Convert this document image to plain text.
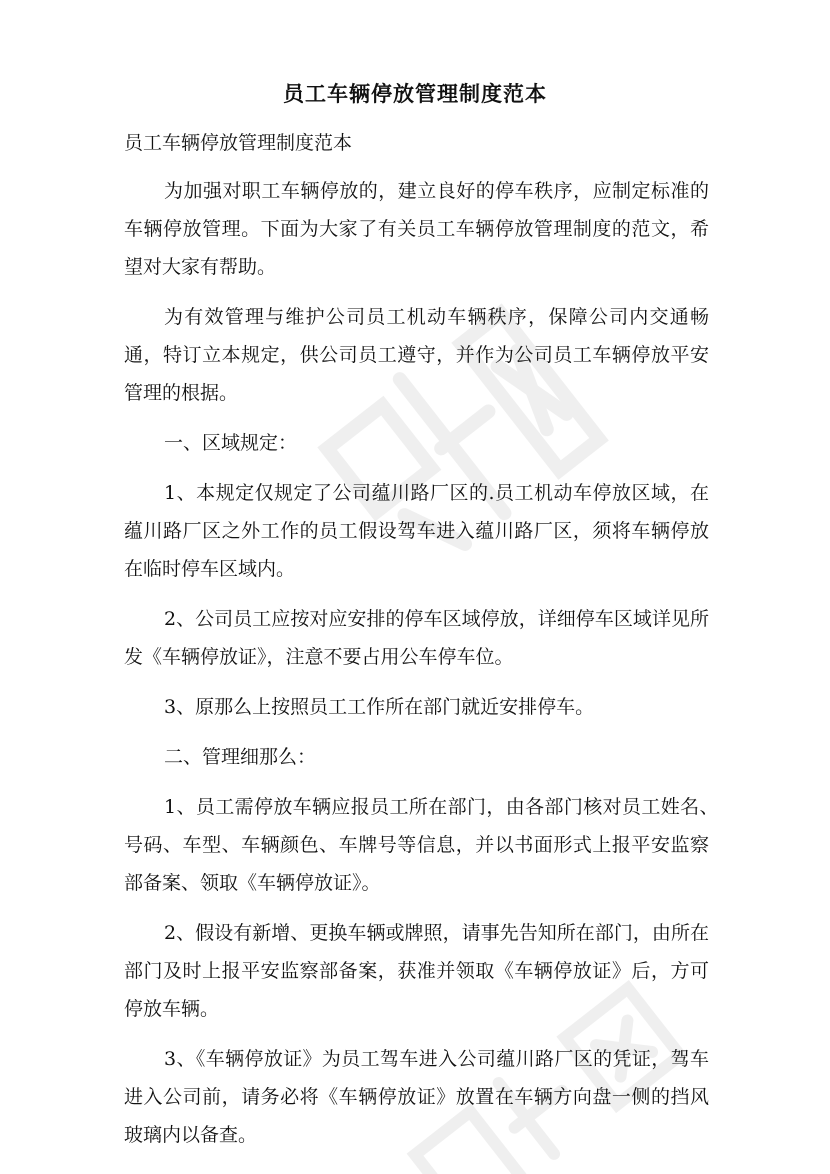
员工车辆停放管理制度范本

员工车辆停放管理制度范本

为加强对职工车辆停放的，建立良好的停车秩序，应制定标准的车辆停放管理。下面为大家了有关员工车辆停放管理制度的范文，希望对大家有帮助。

为有效管理与维护公司员工机动车辆秩序，保障公司内交通畅通，特订立本规定，供公司员工遵守，并作为公司员工车辆停放平安管理的根据。

一、区域规定：

1、本规定仅规定了公司蕴川路厂区的.员工机动车停放区域，在蕴川路厂区之外工作的员工假设驾车进入蕴川路厂区，须将车辆停放在临时停车区域内。

2、公司员工应按对应安排的停车区域停放，详细停车区域详见所发《车辆停放证》，注意不要占用公车停车位。

3、原那么上按照员工工作所在部门就近安排停车。

二、管理细那么：

1、员工需停放车辆应报员工所在部门，由各部门核对员工姓名、　　号码、车型、车辆颜色、车牌号等信息，并以书面形式上报平安监察部备案、领取《车辆停放证》。

2、假设有新增、更换车辆或牌照，请事先告知所在部门，由所在部门及时上报平安监察部备案，获准并领取《车辆停放证》后，方可停放车辆。

3、《车辆停放证》为员工驾车进入公司蕴川路厂区的凭证，驾车进入公司前，请务必将《车辆停放证》放置在车辆方向盘一侧的挡风玻璃内以备查。
